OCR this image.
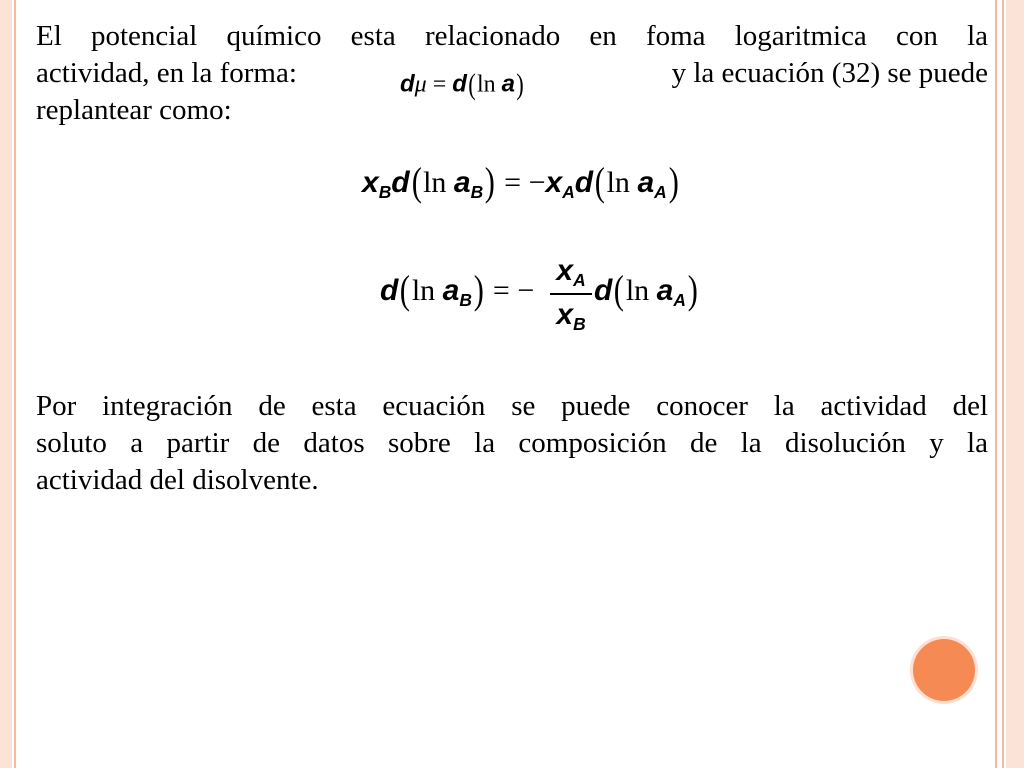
El potencial químico esta relacionado en foma logaritmica con la
actividad, en la forma:	y la ecuación (32) se puede
replantear como:
dμ = d(ln a)
$x_Bd(\ln$ $a_B) = -x_Ad(\ln$ $a_A$)
d(ln $a_B$) = −
$x_A$
$x_B$
d(ln $a_A$)
Por integración de esta ecuación se puede conocer la actividad del
soluto a partir de datos sobre la composición de la disolución y la
actividad del disolvente.
